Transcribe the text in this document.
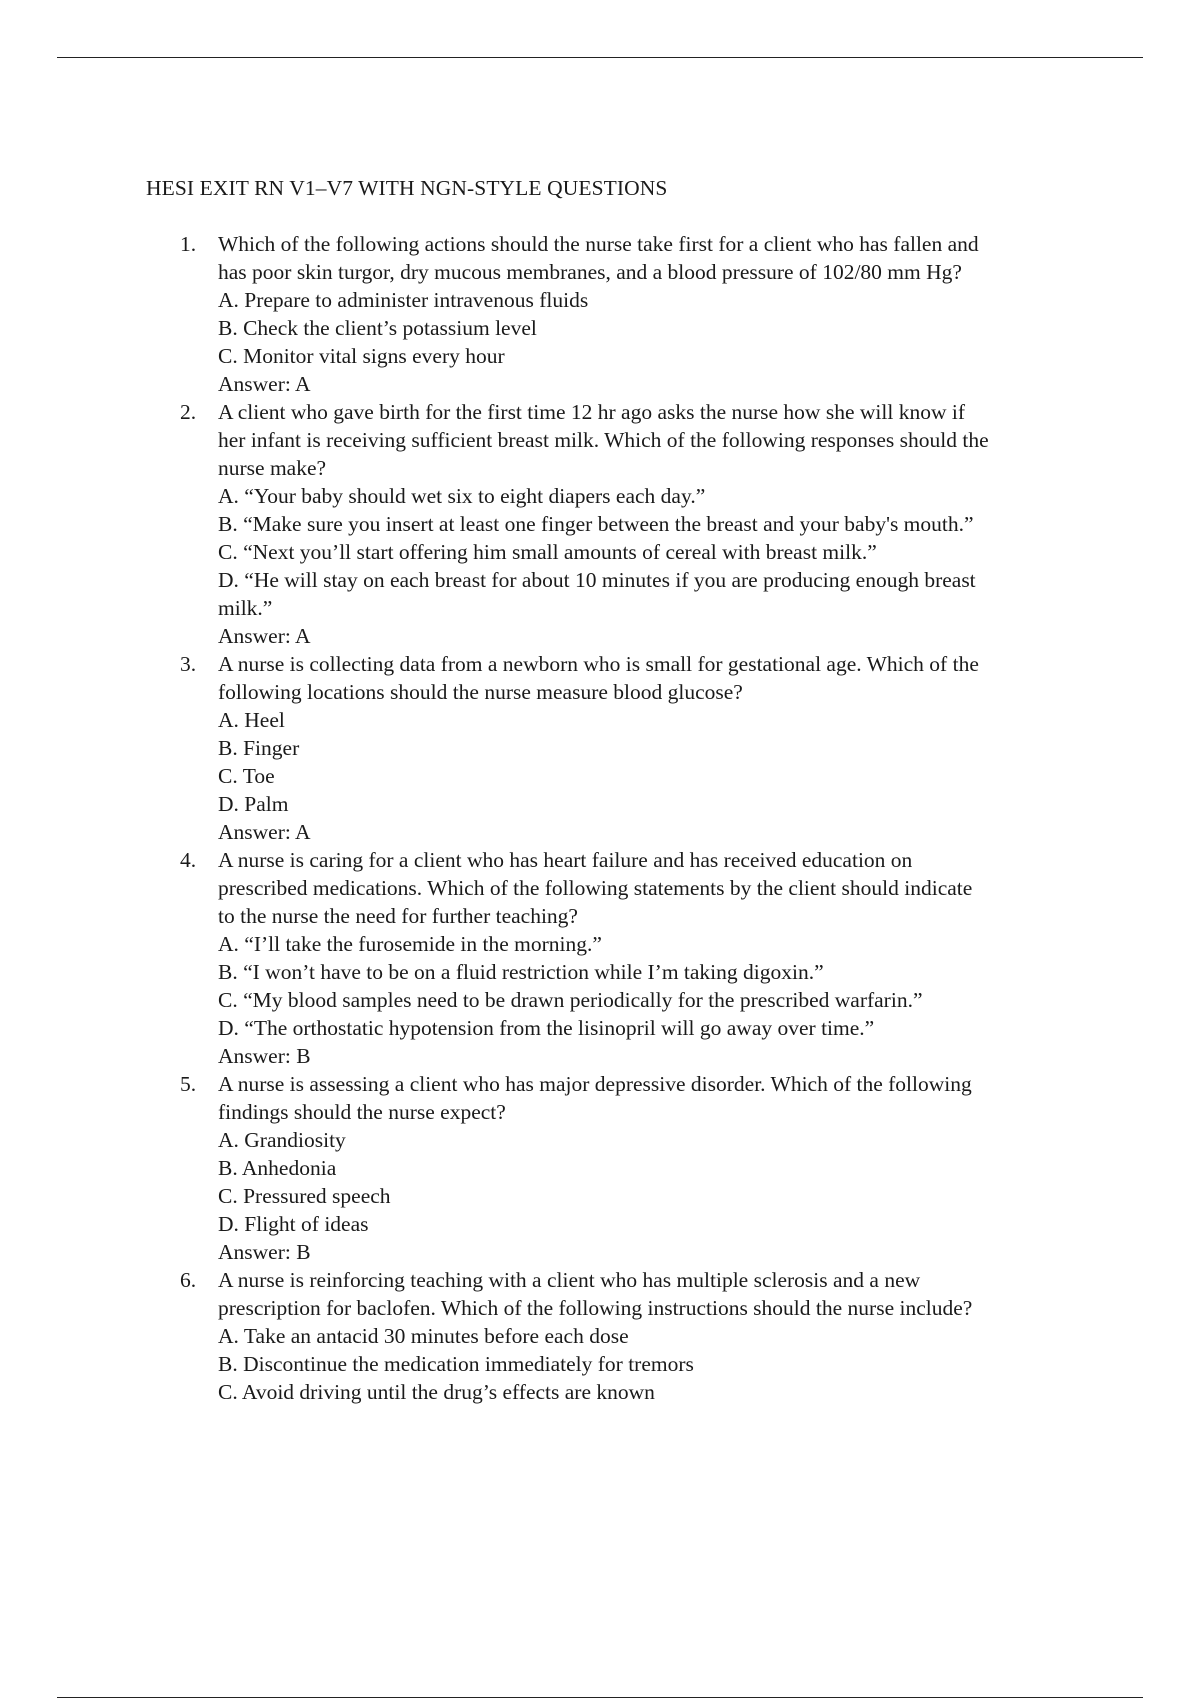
HESI EXIT RN V1–V7 WITH NGN-STYLE QUESTIONS
1. Which of the following actions should the nurse take first for a client who has fallen and
has poor skin turgor, dry mucous membranes, and a blood pressure of 102/80 mm Hg?
A. Prepare to administer intravenous fluids
B. Check the client’s potassium level
C. Monitor vital signs every hour
Answer: A
2. A client who gave birth for the first time 12 hr ago asks the nurse how she will know if
her infant is receiving sufficient breast milk. Which of the following responses should the
nurse make?
A. “Your baby should wet six to eight diapers each day.”
B. “Make sure you insert at least one finger between the breast and your baby's mouth.”
C. “Next you’ll start offering him small amounts of cereal with breast milk.”
D. “He will stay on each breast for about 10 minutes if you are producing enough breast
milk.”
Answer: A
3. A nurse is collecting data from a newborn who is small for gestational age. Which of the
following locations should the nurse measure blood glucose?
A. Heel
B. Finger
C. Toe
D. Palm
Answer: A
4. A nurse is caring for a client who has heart failure and has received education on
prescribed medications. Which of the following statements by the client should indicate
to the nurse the need for further teaching?
A. “I’ll take the furosemide in the morning.”
B. “I won’t have to be on a fluid restriction while I’m taking digoxin.”
C. “My blood samples need to be drawn periodically for the prescribed warfarin.”
D. “The orthostatic hypotension from the lisinopril will go away over time.”
Answer: B
5. A nurse is assessing a client who has major depressive disorder. Which of the following
findings should the nurse expect?
A. Grandiosity
B. Anhedonia
C. Pressured speech
D. Flight of ideas
Answer: B
6. A nurse is reinforcing teaching with a client who has multiple sclerosis and a new
prescription for baclofen. Which of the following instructions should the nurse include?
A. Take an antacid 30 minutes before each dose
B. Discontinue the medication immediately for tremors
C. Avoid driving until the drug’s effects are known
